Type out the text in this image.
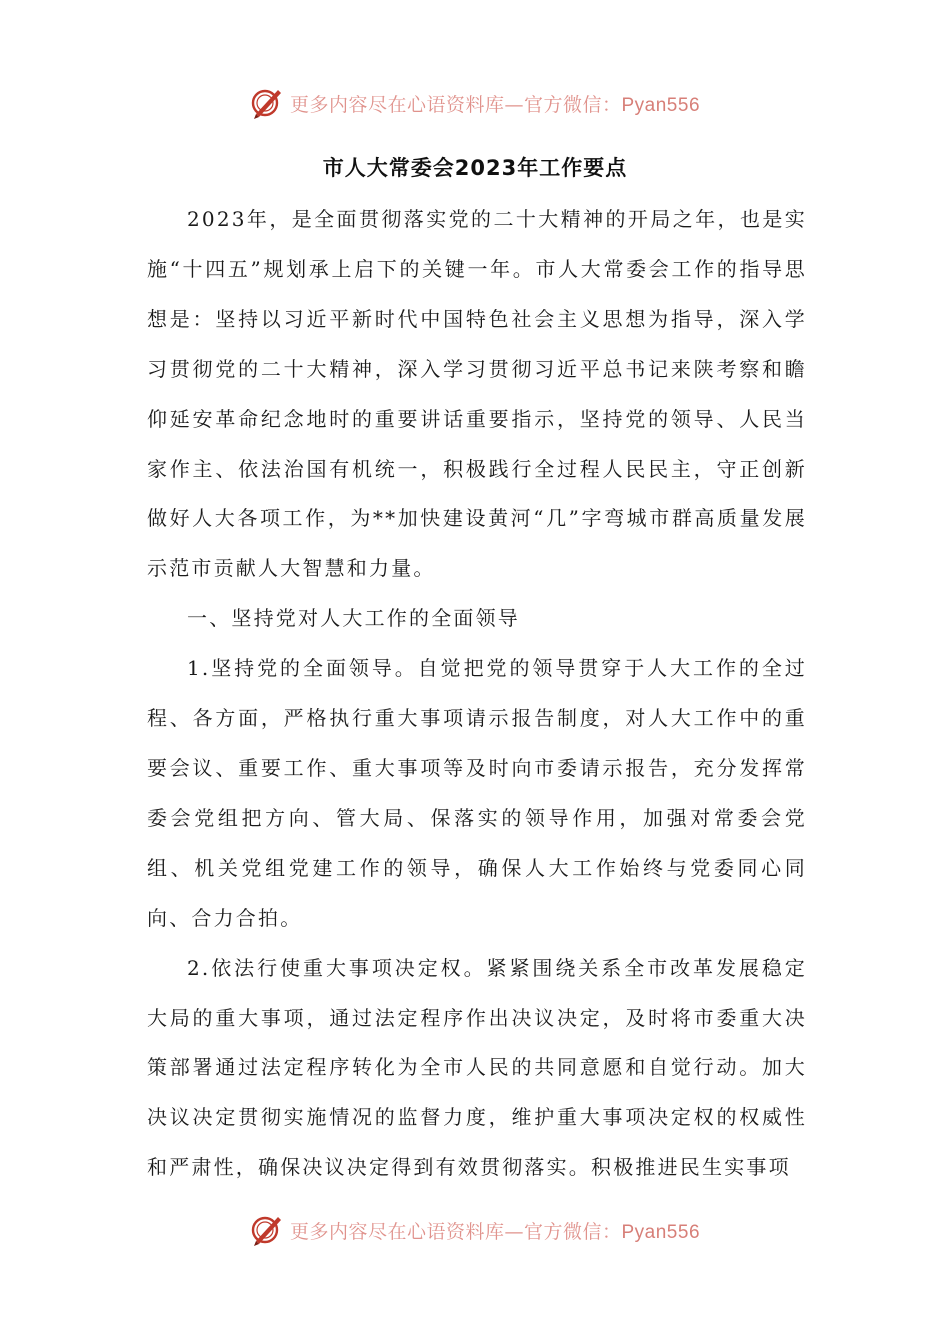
更多内容尽在心语资料库—官方微信：Pyan556
市人大常委会2023年工作要点

2023年，是全面贯彻落实党的二十大精神的开局之年，也是实施“十四五”规划承上启下的关键一年。市人大常委会工作的指导思想是：坚持以习近平新时代中国特色社会主义思想为指导，深入学习贯彻党的二十大精神，深入学习贯彻习近平总书记来陕考察和瞻仰延安革命纪念地时的重要讲话重要指示，坚持党的领导、人民当家作主、依法治国有机统一，积极践行全过程人民民主，守正创新做好人大各项工作，为**加快建设黄河“几”字弯城市群高质量发展示范市贡献人大智慧和力量。

一、坚持党对人大工作的全面领导

1.坚持党的全面领导。自觉把党的领导贯穿于人大工作的全过程、各方面，严格执行重大事项请示报告制度，对人大工作中的重要会议、重要工作、重大事项等及时向市委请示报告，充分发挥常委会党组把方向、管大局、保落实的领导作用，加强对常委会党组、机关党组党建工作的领导，确保人大工作始终与党委同心同向、合力合拍。

2.依法行使重大事项决定权。紧紧围绕关系全市改革发展稳定大局的重大事项，通过法定程序作出决议决定，及时将市委重大决策部署通过法定程序转化为全市人民的共同意愿和自觉行动。加大决议决定贯彻实施情况的监督力度，维护重大事项决定权的权威性和严肃性，确保决议决定得到有效贯彻落实。积极推进民生实事项

更多内容尽在心语资料库—官方微信：Pyan556
